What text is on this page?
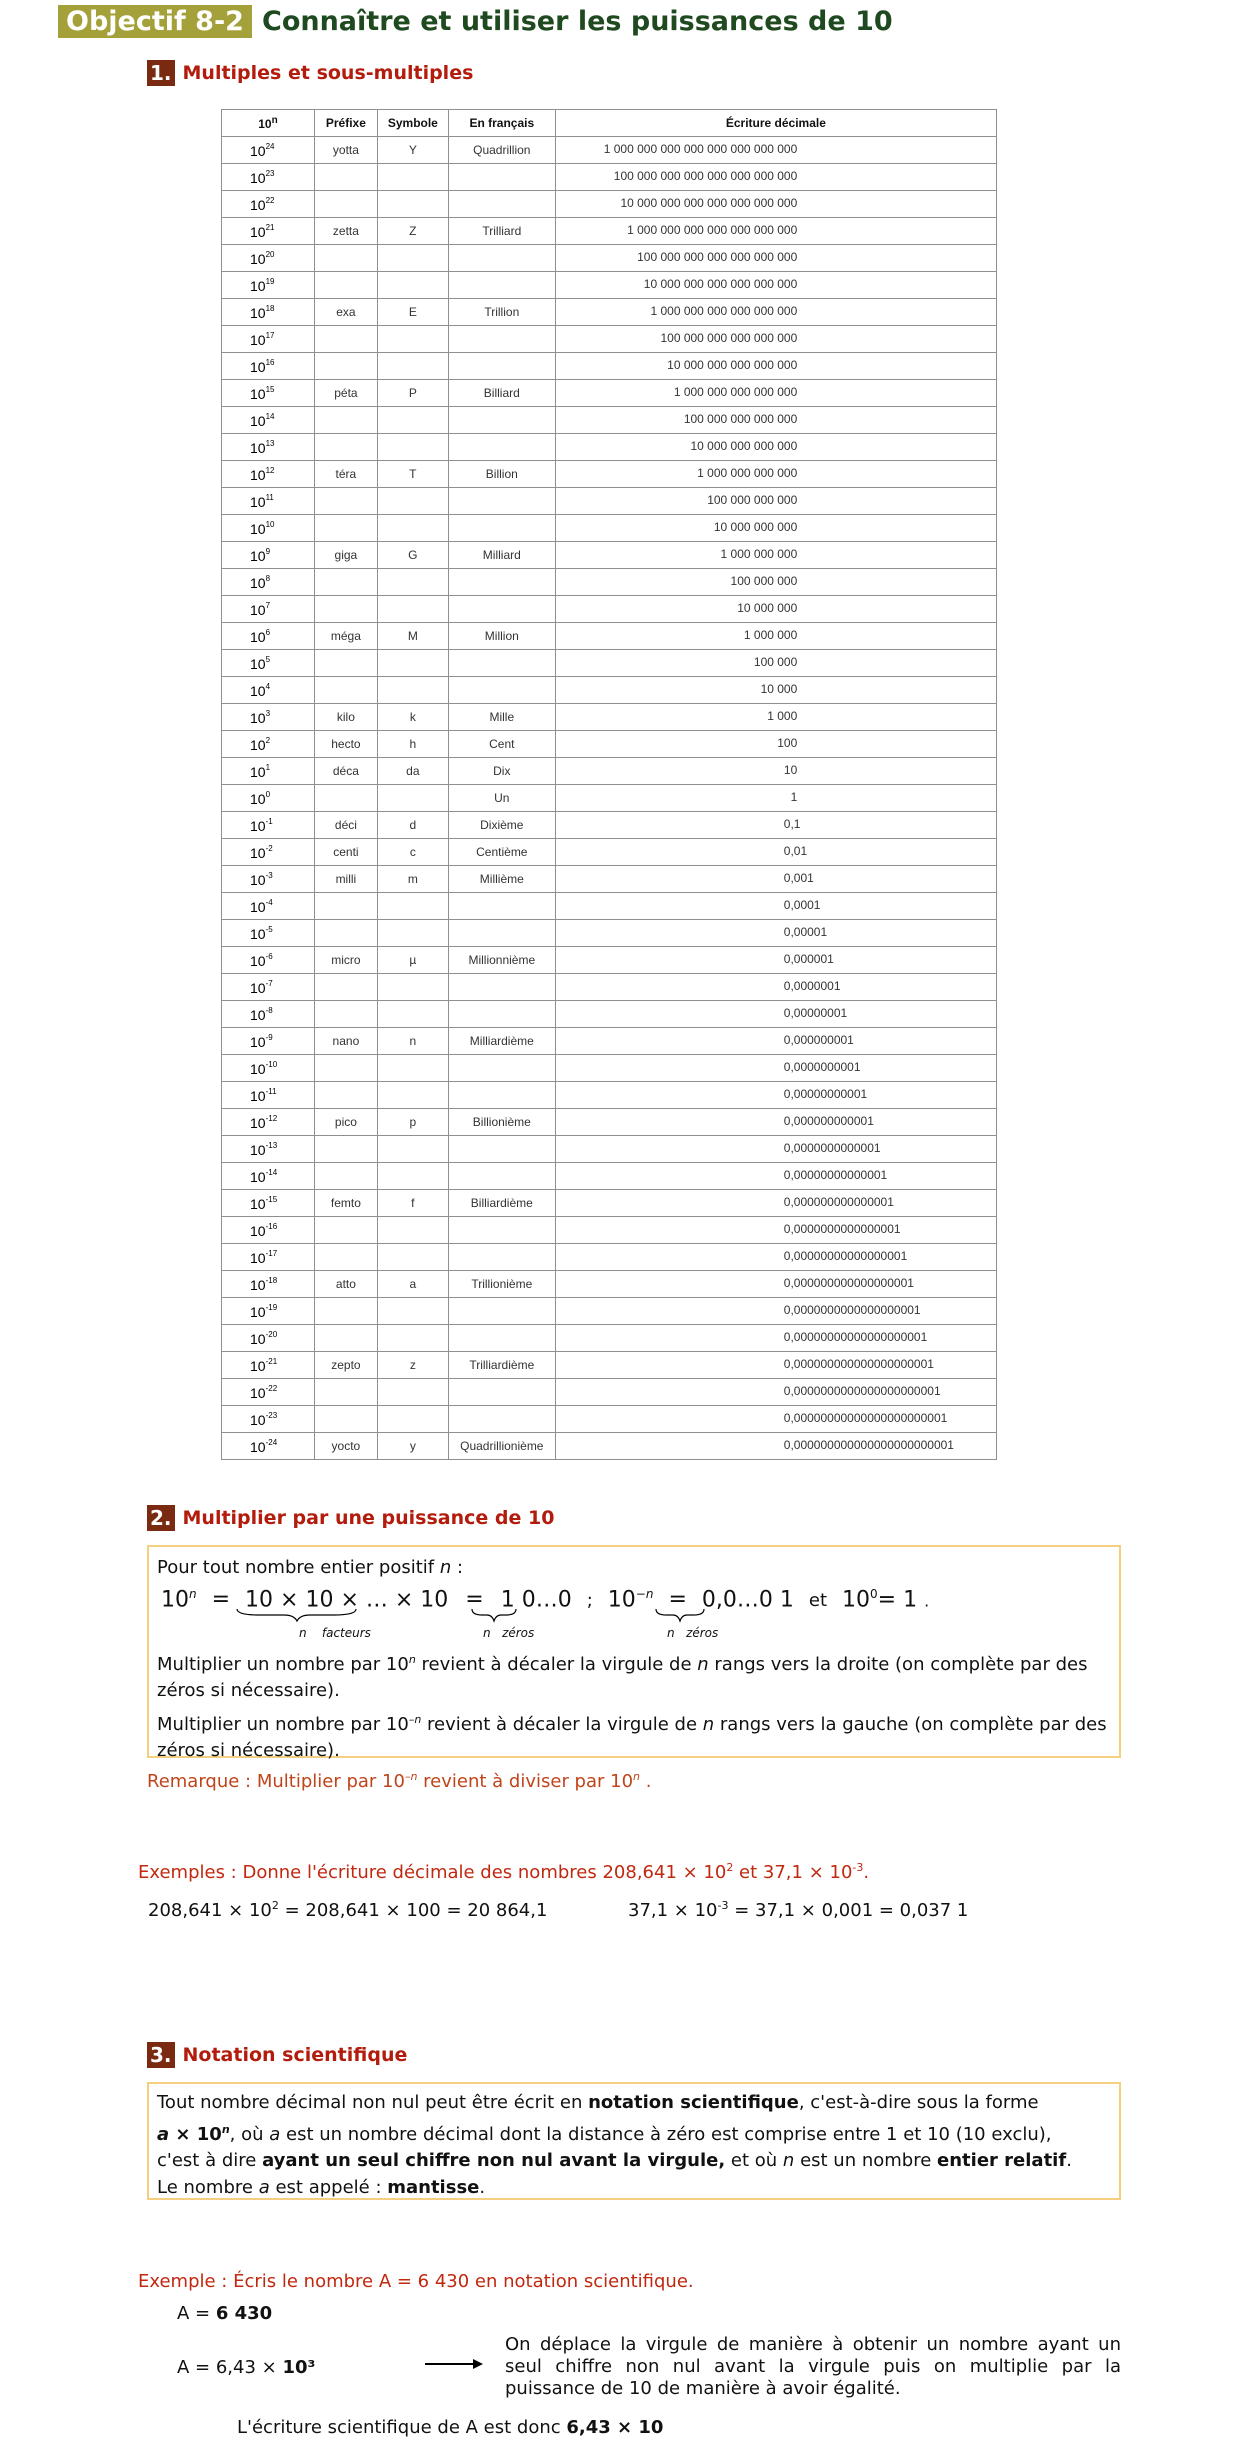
Objectif 8-2 Connaître et utiliser les puissances de 10
1. Multiples et sous-multiples
10$^n$	Préfixe	Symbole	En français	Écriture décimale
$10^{24}$	yotta	Y	Quadrillion	1 000 000 000 000 000 000 000 000

$10^{23}$				100 000 000 000 000 000 000 000

$10^{22}$				10 000 000 000 000 000 000 000

$10^{21}$	zetta	Z	Trilliard	1 000 000 000 000 000 000 000

$10^{20}$				100 000 000 000 000 000 000

$10^{19}$				10 000 000 000 000 000 000

$10^{18}$	exa	E	Trillion	1 000 000 000 000 000 000

$10^{17}$				100 000 000 000 000 000

$10^{16}$				10 000 000 000 000 000

$10^{15}$	péta	P	Billiard	1 000 000 000 000 000

$10^{14}$				100 000 000 000 000

$10^{13}$				10 000 000 000 000

$10^{12}$	téra	T	Billion	1 000 000 000 000

$10^{11}$				100 000 000 000

$10^{10}$				10 000 000 000

$10^9$	giga	G	Milliard	1 000 000 000

$10^8$				100 000 000

$10^7$				10 000 000

$10^6$	méga	M	Million	1 000 000

$10^5$				100 000

$10^4$				10 000

$10^3$	kilo	k	Mille	1 000

$10^2$	hecto	h	Cent	100

$10^1$	déca	da	Dix	10

$10^0$			Un	1

$10^{-1}$	déci	d	Dixième	0,1

$10^{-2}$	centi	c	Centième	0,01

$10^{-3}$	milli	m	Millième	0,001

$10^{-4}$				0,0001

$10^{-5}$				0,00001

$10^{-6}$	micro	µ	Millionnième	0,000001

$10^{-7}$				0,0000001

$10^{-8}$				0,00000001

$10^{-9}$	nano	n	Milliardième	0,000000001

$10^{-10}$				0,0000000001

$10^{-11}$				0,00000000001

$10^{-12}$	pico	p	Billionième	0,000000000001

$10^{-13}$				0,0000000000001

$10^{-14}$				0,00000000000001

$10^{-15}$	femto	f	Billiardième	0,000000000000001

$10^{-16}$				0,0000000000000001

$10^{-17}$				0,00000000000000001

$10^{-18}$	atto	a	Trillionième	0,000000000000000001

$10^{-19}$				0,0000000000000000001

$10^{-20}$				0,00000000000000000001

$10^{-21}$	zepto	z	Trilliardième	0,000000000000000000001

$10^{-22}$				0,0000000000000000000001

$10^{-23}$				0,00000000000000000000001

$10^{-24}$	yocto	y	Quadrillionième	0,000000000000000000000001
2. Multiplier par une puissance de 10
Pour tout nombre entier positif n :
$10^n = 10 \times 10$ × … × 10 = 1 0…0 ; $10^{-n}$ = 0,0…0 1 et $10^0= 1$ .
n facteurs	n zéros	n zéros
Multiplier un nombre par 10$^n$ revient à décaler la virgule de n rangs vers la droite (on complète par des zéros si nécessaire).
Multiplier un nombre par $10^{-n}$ revient à décaler la virgule de n rangs vers la gauche (on complète par des zéros si nécessaire).
Remarque : Multiplier par $10^{-n}$ revient à diviser par 10$^n$ .
Exemples : Donne l'écriture décimale des nombres $208,641 \times 10^2$ et $37,1 \times 10^{-3}$.
$208,641 \times 10^2 = 208,641 \times 100 = 20$ 864,1	$37,1 \times 10^{-3} = 37,1 \times 0,001 = 0,037$ 1
3. Notation scientifique
Tout nombre décimal non nul peut être écrit en notation scientifique, c'est-à-dire sous la forme
$a \times 10^n$, où a est un nombre décimal dont la distance à zéro est comprise entre 1 et 10 (10 exclu),
c'est à dire ayant un seul chiffre non nul avant la virgule, et où n est un nombre entier relatif.
Le nombre a est appelé : mantisse.
Exemple : Écris le nombre A = 6 430 en notation scientifique.
A = 6 430
A = 6,43 × 10³
On déplace la virgule de manière à obtenir un nombre ayant un seul chiffre non nul avant la virgule puis on multiplie par la puissance de 10 de manière à avoir égalité.
L'écriture scientifique de A est donc 6,43 × 10
